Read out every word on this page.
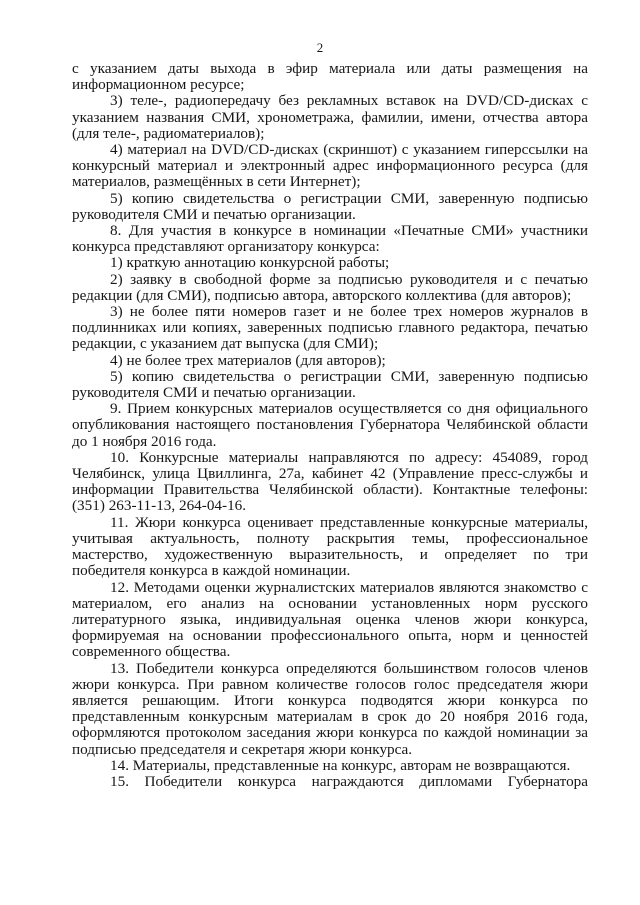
2

с указанием даты выхода в эфир материала или даты размещения на информационном ресурсе;

3) теле-, радиопередачу без рекламных вставок на DVD/CD-дисках с указанием названия СМИ, хронометража, фамилии, имени, отчества автора (для теле-, радиоматериалов);

4) материал на DVD/CD-дисках (скриншот) с указанием гиперссылки на конкурсный материал и электронный адрес информационного ресурса (для материалов, размещённых в сети Интернет);

5) копию свидетельства о регистрации СМИ, заверенную подписью руководителя СМИ и печатью организации.

8. Для участия в конкурсе в номинации «Печатные СМИ» участники конкурса представляют организатору конкурса:

1) краткую аннотацию конкурсной работы;

2) заявку в свободной форме за подписью руководителя и с печатью редакции (для СМИ), подписью автора, авторского коллектива (для авторов);

3) не более пяти номеров газет и не более трех номеров журналов в подлинниках или копиях, заверенных подписью главного редактора, печатью редакции, с указанием дат выпуска (для СМИ);

4) не более трех материалов (для авторов);

5) копию свидетельства о регистрации СМИ, заверенную подписью руководителя СМИ и печатью организации.

9. Прием конкурсных материалов осуществляется со дня официального опубликования настоящего постановления Губернатора Челябинской области до 1 ноября 2016 года.

10. Конкурсные материалы направляются по адресу: 454089, город Челябинск, улица Цвиллинга, 27а, кабинет 42 (Управление пресс-службы и информации Правительства Челябинской области). Контактные телефоны: (351) 263-11-13, 264-04-16.

11. Жюри конкурса оценивает представленные конкурсные материалы, учитывая актуальность, полноту раскрытия темы, профессиональное мастерство, художественную выразительность, и определяет по три победителя конкурса в каждой номинации.

12. Методами оценки журналистских материалов являются знакомство с материалом, его анализ на основании установленных норм русского литературного языка, индивидуальная оценка членов жюри конкурса, формируемая на основании профессионального опыта, норм и ценностей современного общества.

13. Победители конкурса определяются большинством голосов членов жюри конкурса. При равном количестве голосов голос председателя жюри является решающим. Итоги конкурса подводятся жюри конкурса по представленным конкурсным материалам в срок до 20 ноября 2016 года, оформляются протоколом заседания жюри конкурса по каждой номинации за подписью председателя и секретаря жюри конкурса.

14. Материалы, представленные на конкурс, авторам не возвращаются.

15. Победители конкурса награждаются дипломами Губернатора
